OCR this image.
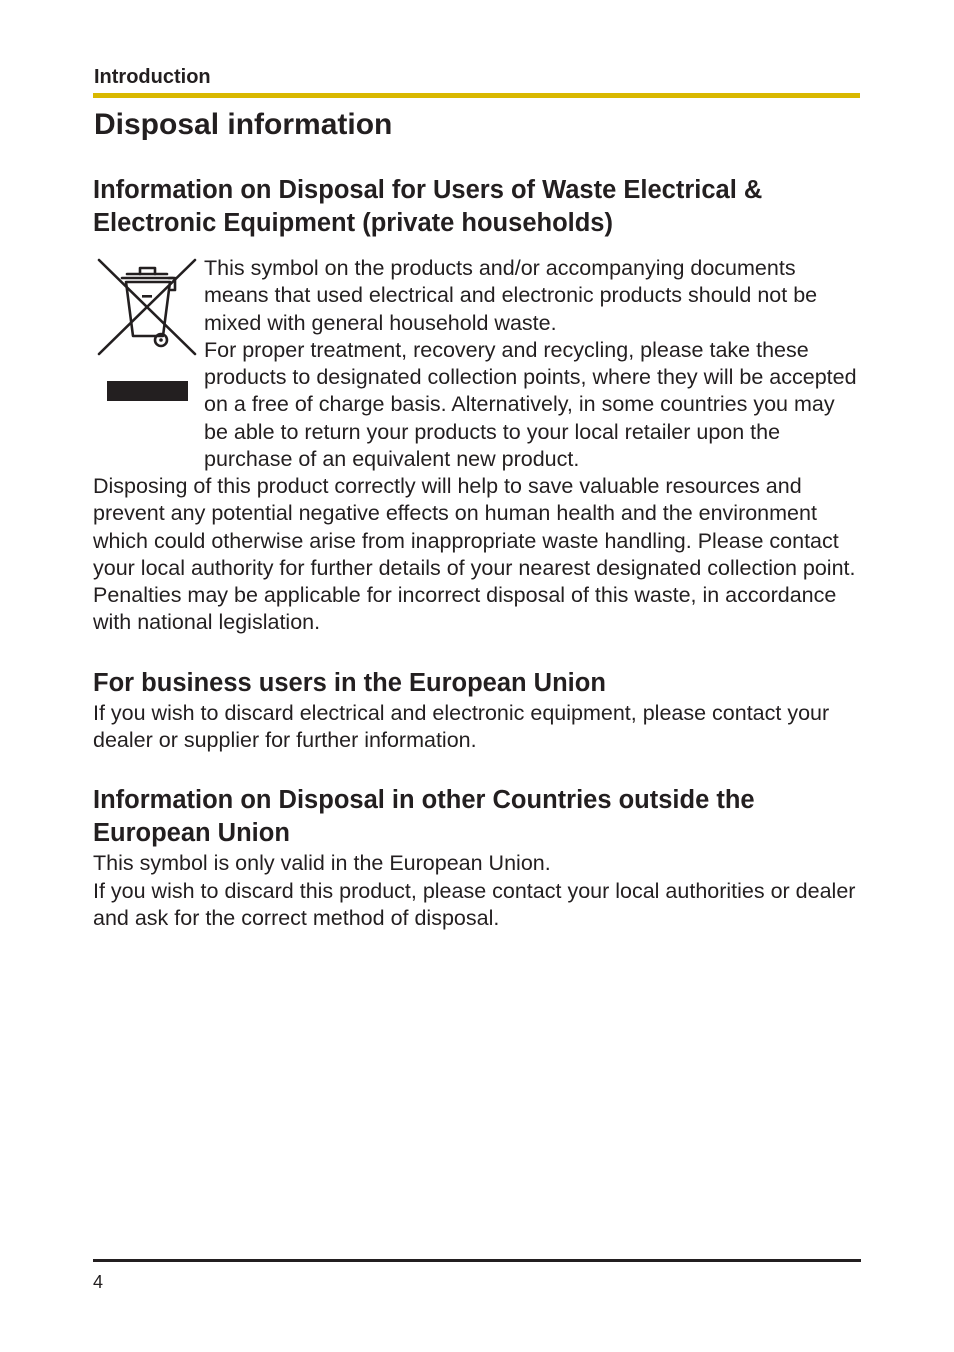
Introduction
Disposal information
Information on Disposal for Users of Waste Electrical &
Electronic Equipment (private households)

This symbol on the products and/or accompanying documents means that used electrical and electronic products should not be mixed with general household waste.

For proper treatment, recovery and recycling, please take these products to designated collection points, where they will be accepted on a free of charge basis. Alternatively, in some countries you may be able to return your products to your local retailer upon the purchase of an equivalent new product.

Disposing of this product correctly will help to save valuable resources and prevent any potential negative effects on human health and the environment which could otherwise arise from inappropriate waste handling. Please contact your local authority for further details of your nearest designated collection point.

Penalties may be applicable for incorrect disposal of this waste, in accordance with national legislation.

For business users in the European Union

If you wish to discard electrical and electronic equipment, please contact your dealer or supplier for further information.

Information on Disposal in other Countries outside the
European Union

This symbol is only valid in the European Union.

If you wish to discard this product, please contact your local authorities or dealer and ask for the correct method of disposal.

4
